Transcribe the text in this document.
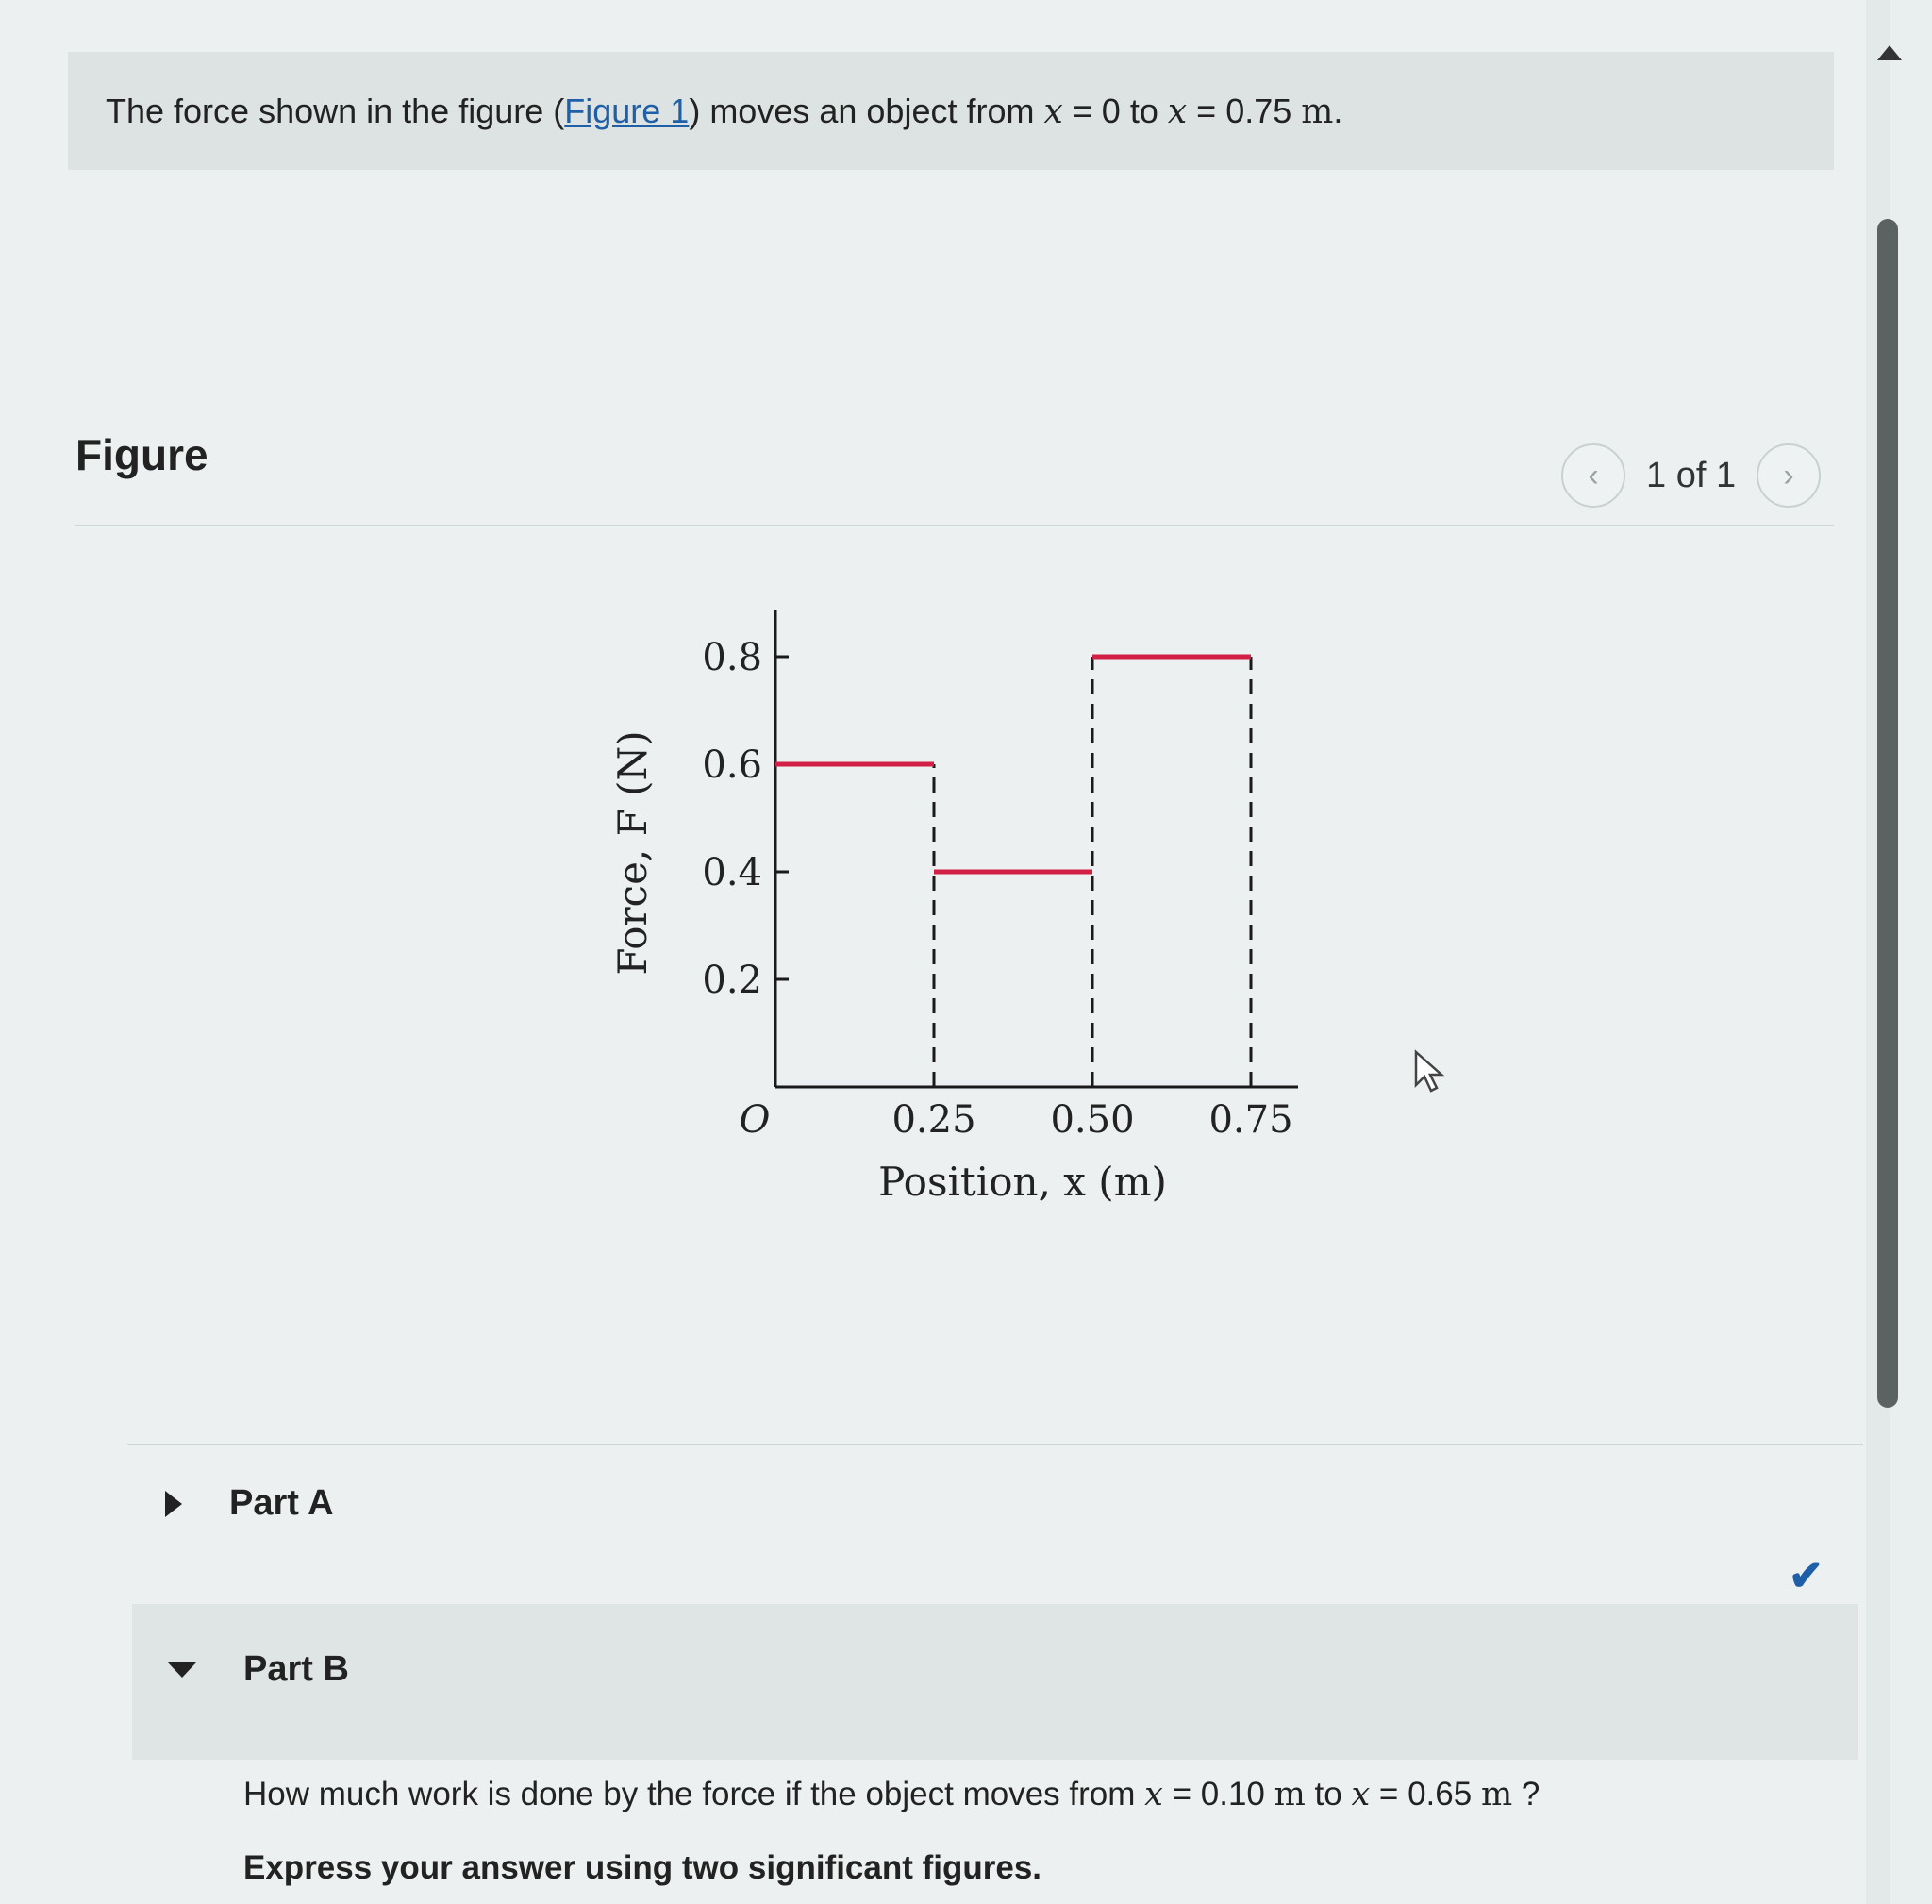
The force shown in the figure (Figure 1) moves an object from x = 0 to x = 0.75 m.
Figure	‹	1 of 1	›
0.2
0.4
0.6
0.8
O	0.25 0.50 0.75
Position, x (m)
Force, F (N)
Part A
✔
Part B
How much work is done by the force if the object moves from x = 0.10 m to x = 0.65 m ?
Express your answer using two significant figures.
